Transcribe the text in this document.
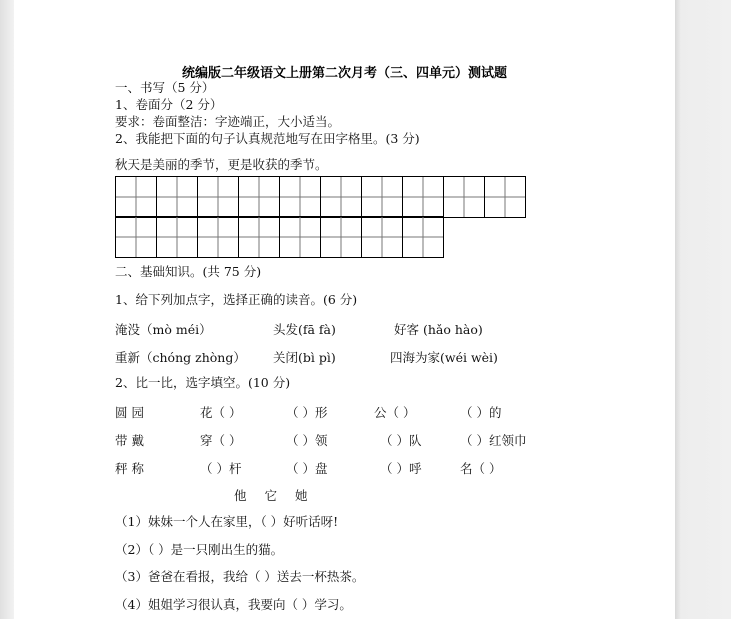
统编版二年级语文上册第二次月考（三、四单元）测试题
一、书写（5 分）
1、卷面分（2 分）
要求：卷面整洁：字迹端正，大小适当。
2、我能把下面的句子认真规范地写在田字格里。(3 分)
秋天是美丽的季节，更是收获的季节。

二、基础知识。(共 75 分)
1、给下列加点字，选择正确的读音。(6 分)
淹没（mò méi）	头发(fā fà)	好客 (hǎo hào)
重新（chóng zhòng） 关闭(bì pì)	四海为家(wéi wèi)
2、比一比，选字填空。(10 分)
圆 园	花（ ）	（ ）形	公（ ）	（ ）的
带 戴	穿（ ）	（ ）领	（ ）队	（ ）红领巾
秤 称	（ ）杆	（ ）盘	（ ）呼	名（ ）
他 它 她
（1）妹妹一个人在家里，（ ）好听话呀!
（2）（ ）是一只刚出生的猫。
（3）爸爸在看报，我给（ ）送去一杯热茶。
（4）姐姐学习很认真，我要向（ ）学习。
